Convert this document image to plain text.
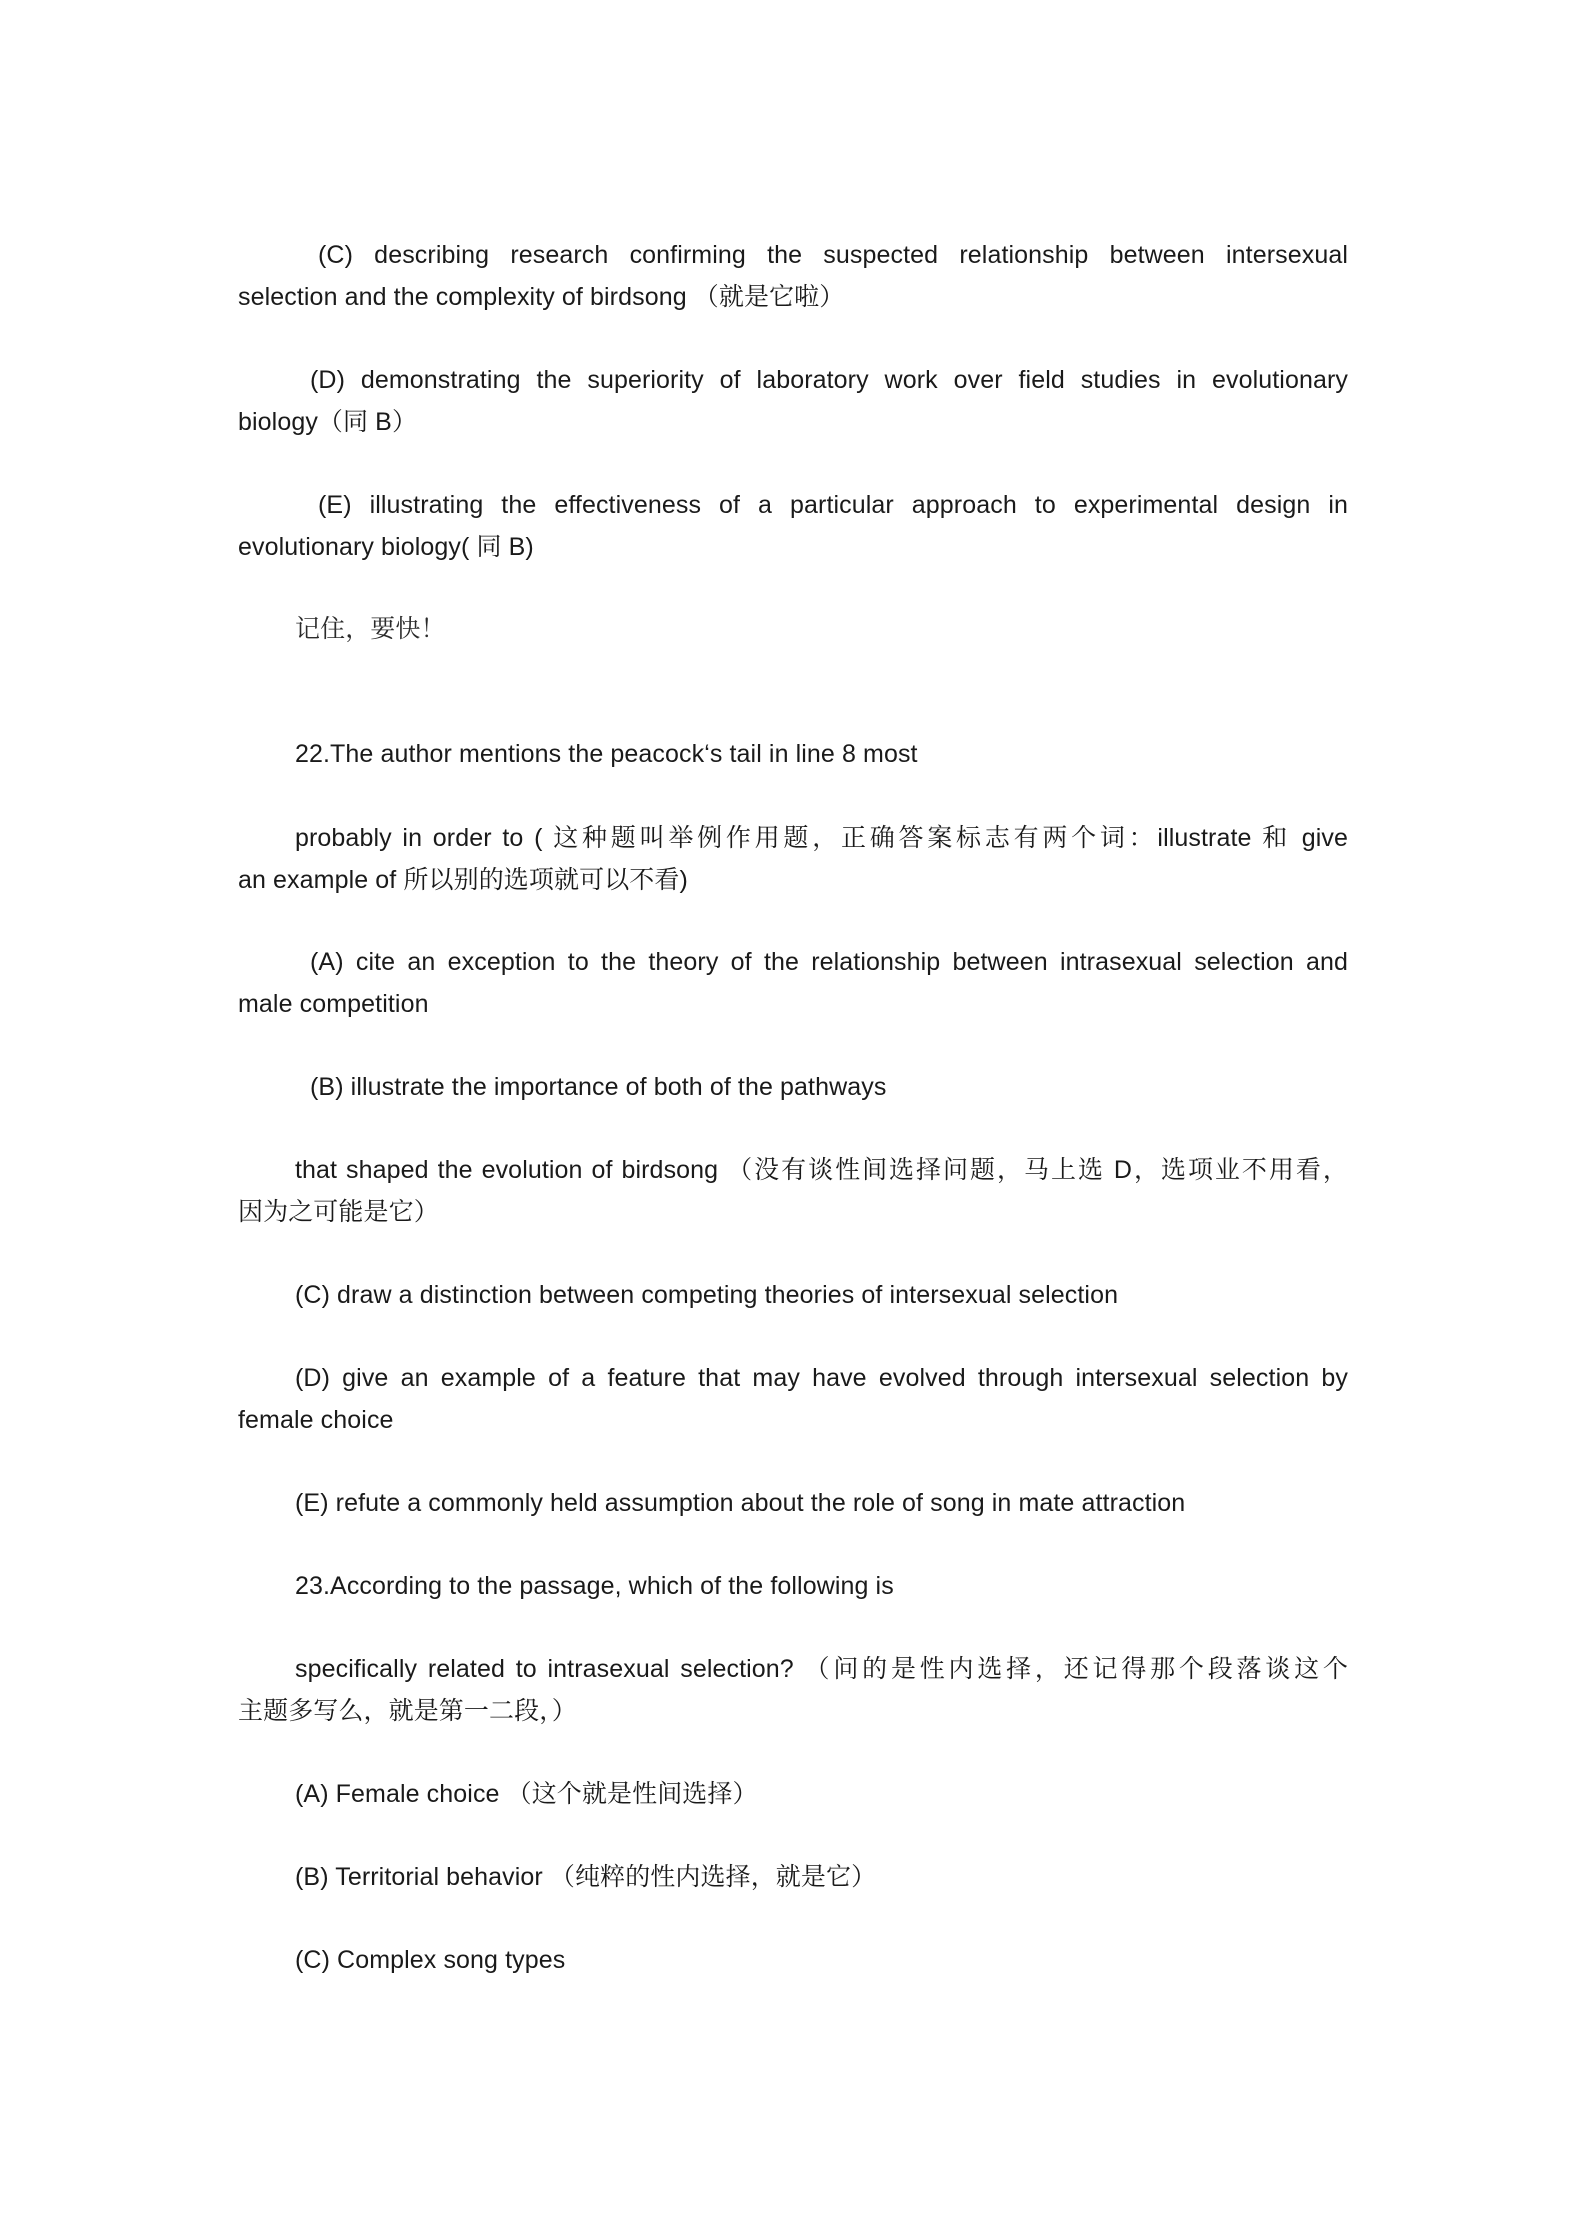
(C) describing research confirming the suspected relationship between intersexual
selection and the complexity of birdsong （就是它啦）
(D) demonstrating the superiority of laboratory work over field studies in evolutionary
biology（同 B）
(E) illustrating the effectiveness of a particular approach to experimental design in
evolutionary biology( 同 B)
记住，要快！
22.The author mentions the peacock‘s tail in line 8 most
probably in order to ( 这种题叫举例作用题，正确答案标志有两个词：illustrate 和 give
an example of 所以别的选项就可以不看)
(A) cite an exception to the theory of the relationship between intrasexual selection and
male competition
(B) illustrate the importance of both of the pathways
that shaped the evolution of birdsong （没有谈性间选择问题，马上选 D，选项业不用看，
因为之可能是它）
(C) draw a distinction between competing theories of intersexual selection
(D) give an example of a feature that may have evolved through intersexual selection by
female choice
(E) refute a commonly held assumption about the role of song in mate attraction
23.According to the passage, which of the following is
specifically related to intrasexual selection? （问的是性内选择，还记得那个段落谈这个
主题多写么，就是第一二段，）
(A) Female choice （这个就是性间选择）
(B) Territorial behavior （纯粹的性内选择，就是它）
(C) Complex song types
